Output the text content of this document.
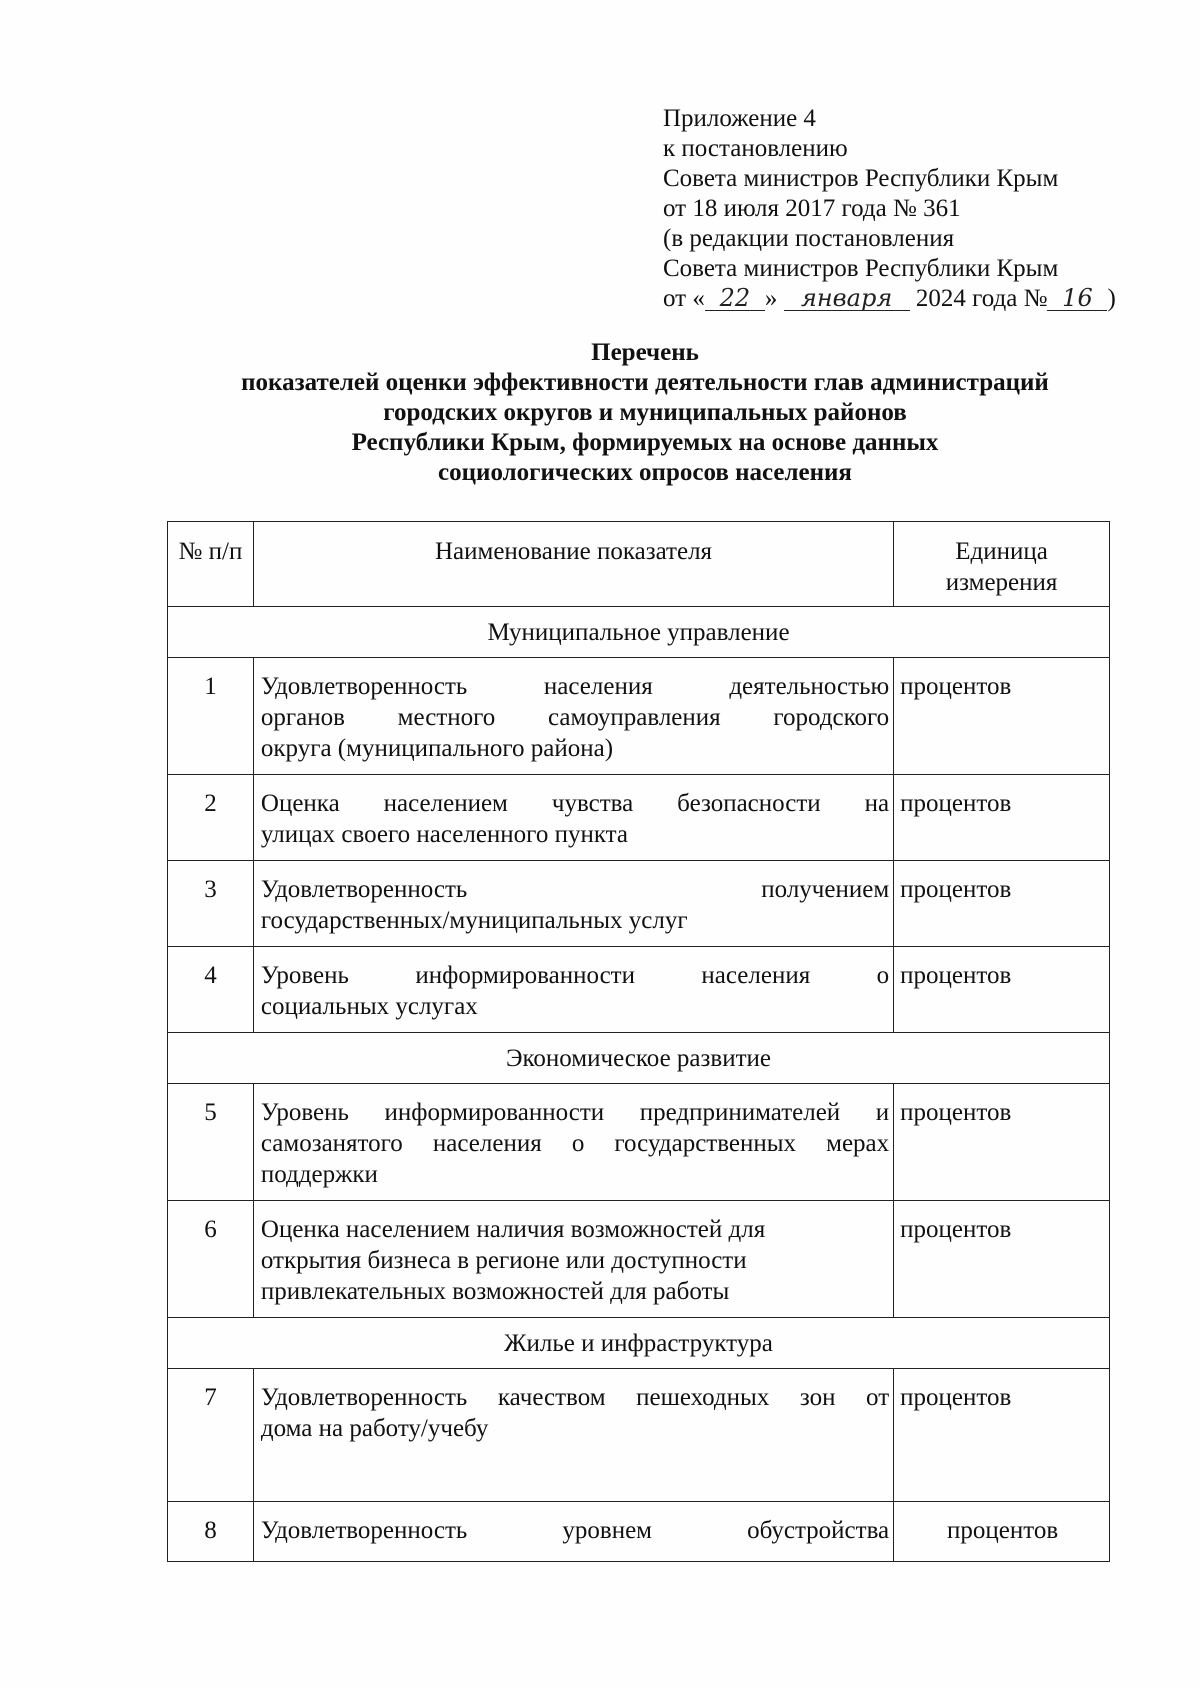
Приложение 4
к постановлению
Совета министров Республики Крым
от 18 июля 2017 года № 361
(в редакции постановления
Совета министров Республики Крым
от « 22 » января 2024 года № 16 )
Перечень
показателей оценки эффективности деятельности глав администраций
городских округов и муниципальных районов
Республики Крым, формируемых на основе данных
социологических опросов населения
№ п/п	Наименование показателя	Единица
измерения

Муниципальное управление		
1	Удовлетворенность населения деятельностью
органов местного самоуправления городского
округа (муниципального района)	процентов
2	Оценка населением чувства безопасности на
улицах своего населенного пункта	процентов
3	Удовлетворенность получением
государственных/муниципальных услуг	процентов
4	Уровень информированности населения о
социальных услугах	процентов
Экономическое развитие		
5	Уровень информированности предпринимателей и
самозанятого населения о государственных мерах
поддержки	процентов
6	Оценка населением наличия возможностей для
открытия бизнеса в регионе или доступности
привлекательных возможностей для работы	процентов
Жилье и инфраструктура		
7	Удовлетворенность качеством пешеходных зон от
дома на работу/учебу	процентов
8	Удовлетворенность уровнем обустройства	процентов
